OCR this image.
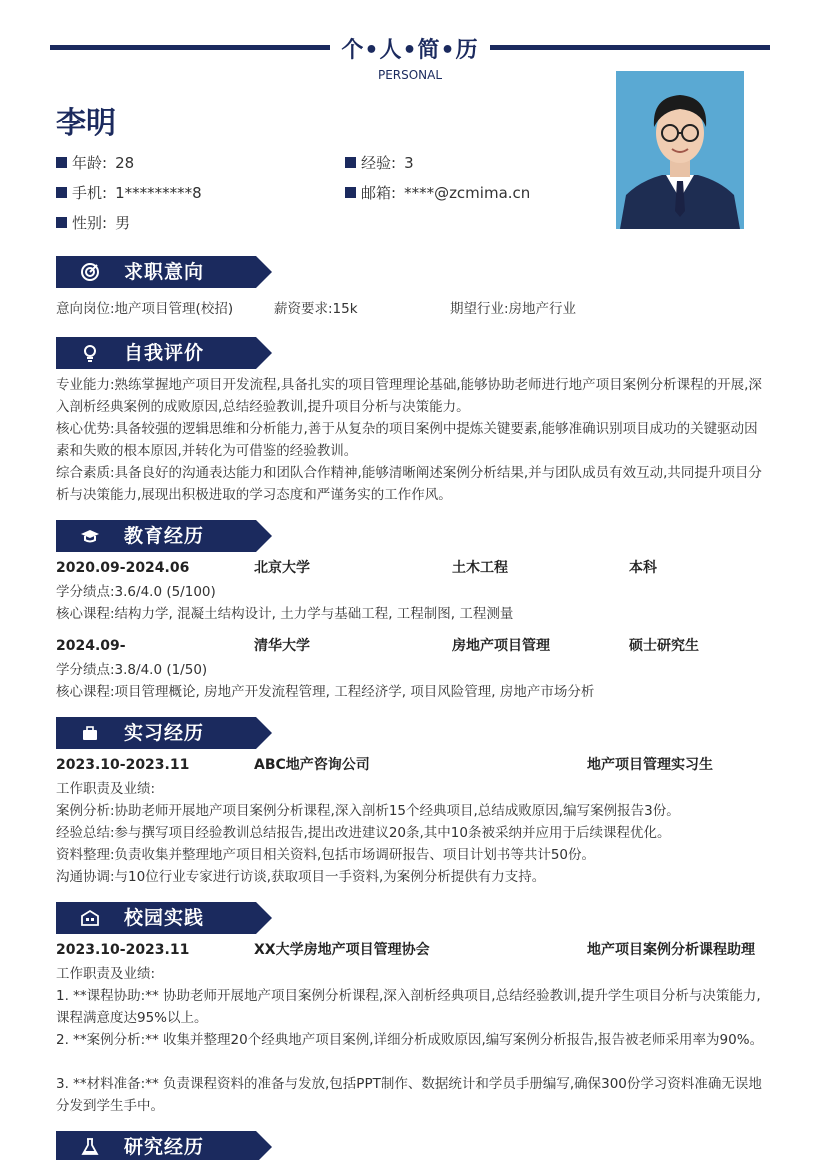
个•人•简•历
PERSONAL
李明
年龄: 28	经验: 3
手机: 1*********8	邮箱: ****@zcmima.cn
性别: 男
求职意向
意向岗位:地产项目管理(校招)	薪资要求:15k	期望行业:房地产行业
自我评价
专业能力:熟练掌握地产项目开发流程,具备扎实的项目管理理论基础,能够协助老师进行地产项目案例分析课程的开展,深入剖析经典案例的成败原因,总结经验教训,提升项目分析与决策能力。
核心优势:具备较强的逻辑思维和分析能力,善于从复杂的项目案例中提炼关键要素,能够准确识别项目成功的关键驱动因素和失败的根本原因,并转化为可借鉴的经验教训。
综合素质:具备良好的沟通表达能力和团队合作精神,能够清晰阐述案例分析结果,并与团队成员有效互动,共同提升项目分析与决策能力,展现出积极进取的学习态度和严谨务实的工作作风。
教育经历
2020.09-2024.06	北京大学	土木工程	本科
学分绩点:3.6/4.0 (5/100)
核心课程:结构力学, 混凝土结构设计, 土力学与基础工程, 工程制图, 工程测量
2024.09-	清华大学	房地产项目管理	硕士研究生
学分绩点:3.8/4.0 (1/50)
核心课程:项目管理概论, 房地产开发流程管理, 工程经济学, 项目风险管理, 房地产市场分析
实习经历
2023.10-2023.11	ABC地产咨询公司	地产项目管理实习生
工作职责及业绩:
案例分析:协助老师开展地产项目案例分析课程,深入剖析15个经典项目,总结成败原因,编写案例报告3份。
经验总结:参与撰写项目经验教训总结报告,提出改进建议20条,其中10条被采纳并应用于后续课程优化。
资料整理:负责收集并整理地产项目相关资料,包括市场调研报告、项目计划书等共计50份。
沟通协调:与10位行业专家进行访谈,获取项目一手资料,为案例分析提供有力支持。
校园实践
2023.10-2023.11	XX大学房地产项目管理协会	地产项目案例分析课程助理
工作职责及业绩:
1. **课程协助:** 协助老师开展地产项目案例分析课程,深入剖析经典项目,总结经验教训,提升学生项目分析与决策能力,课程满意度达95%以上。
2. **案例分析:** 收集并整理20个经典地产项目案例,详细分析成败原因,编写案例分析报告,报告被老师采用率为90%。
3. **材料准备:** 负责课程资料的准备与发放,包括PPT制作、数据统计和学员手册编写,确保300份学习资料准确无误地分发到学生手中。
研究经历
